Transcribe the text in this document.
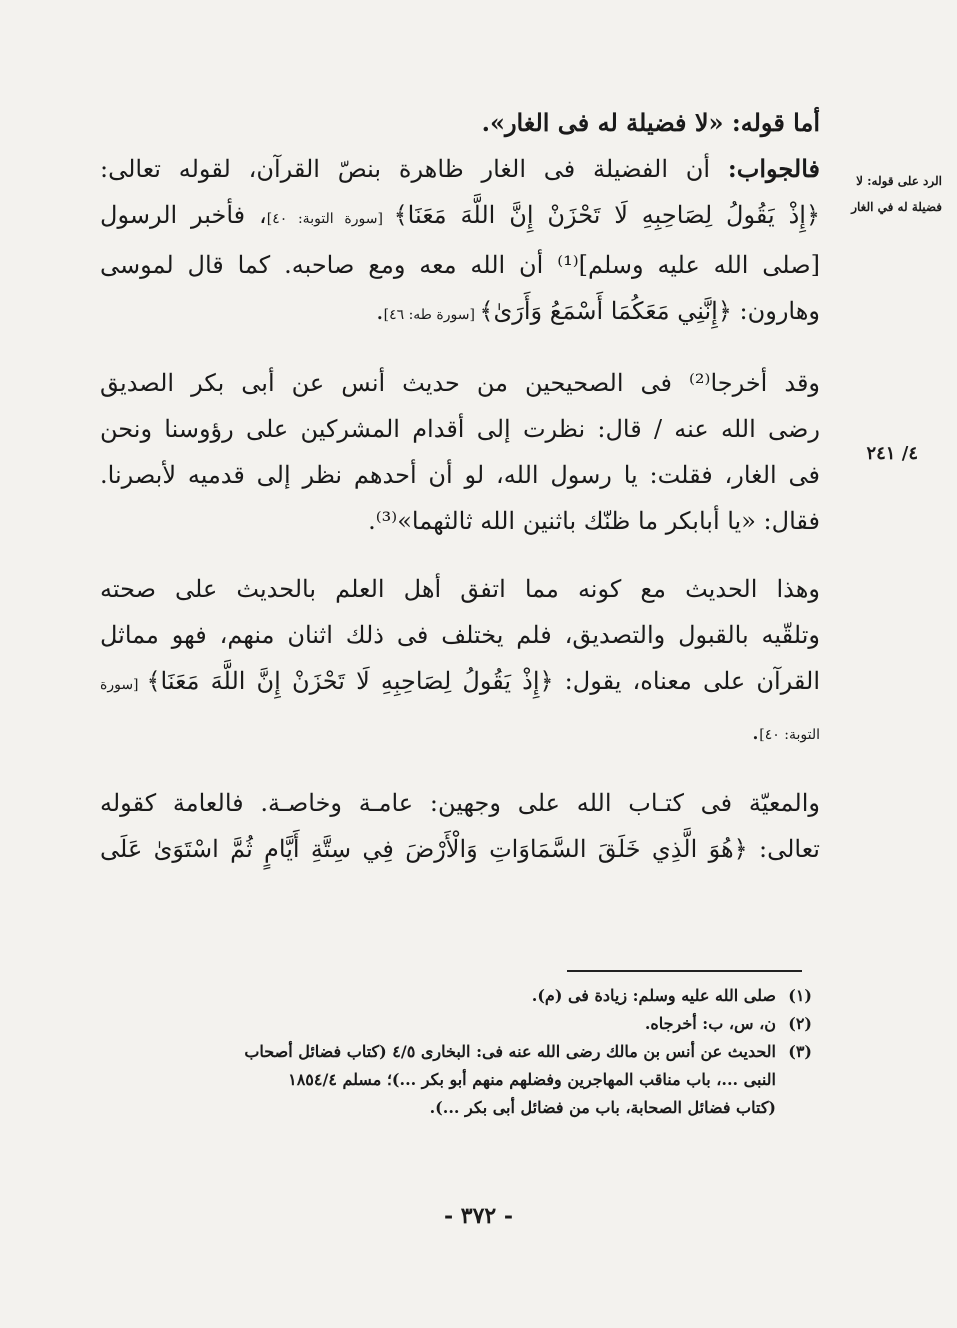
الرد على قوله: لا فضيلة له في الغار
٤/ ٢٤١
أما قوله: «لا فضيلة له فى الغار».
فالجواب: أن الفضيلة فى الغار ظاهرة بنصّ القرآن، لقوله تعالى:
﴿إِذْ يَقُولُ لِصَاحِبِهِ لَا تَحْزَنْ إِنَّ اللَّهَ مَعَنَا﴾ [سورة التوبة: ٤٠]، فأخبر الرسول
[صلى الله عليه وسلم]⁽¹⁾ أن الله معه ومع صاحبه. كما قال لموسى
وهارون: ﴿إِنَّنِي مَعَكُمَا أَسْمَعُ وَأَرَىٰ﴾ [سورة طه: ٤٦].
وقد أخرجا⁽²⁾ فى الصحيحين من حديث أنس عن أبى بكر الصديق
رضى الله عنه / قال: نظرت إلى أقدام المشركين على رؤوسنا ونحن
فى الغار، فقلت: يا رسول الله، لو أن أحدهم نظر إلى قدميه لأبصرنا.
فقال: «يا أبابكر ما ظنّك باثنين الله ثالثهما»⁽³⁾.
وهذا الحديث مع كونه مما اتفق أهل العلم بالحديث على صحته
وتلقّيه بالقبول والتصديق، فلم يختلف فى ذلك اثنان منهم، فهو مماثل
القرآن على معناه، يقول: ﴿إِذْ يَقُولُ لِصَاحِبِهِ لَا تَحْزَنْ إِنَّ اللَّهَ مَعَنَا﴾ [سورة
التوبة: ٤٠].
والمعيّة فى كتـاب الله على وجهين: عامـة وخاصـة. فالعامة كقوله
تعالى: ﴿هُوَ الَّذِي خَلَقَ السَّمَاوَاتِ وَالْأَرْضَ فِي سِتَّةِ أَيَّامٍ ثُمَّ اسْتَوَىٰ عَلَى
(١)
صلى الله عليه وسلم: زيادة فى (م).
(٢)
ن، س، ب: أخرجاه.
(٣)
الحديث عن أنس بن مالك رضى الله عنه فى: البخارى ٤/٥ (كتاب فضائل أصحاب
النبى ...، باب مناقب المهاجرين وفضلهم منهم أبو بكر ...)؛ مسلم ١٨٥٤/٤
(كتاب فضائل الصحابة، باب من فضائل أبى بكر ...).
- ٣٧٢ -
